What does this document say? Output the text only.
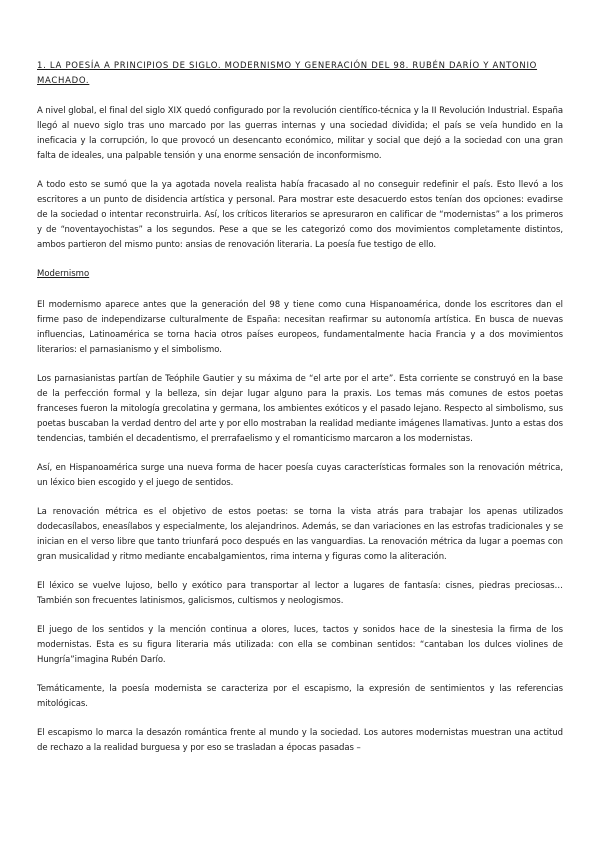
1. LA POESÍA A PRINCIPIOS DE SIGLO. MODERNISMO Y GENERACIÓN DEL 98. RUBÉN DARÍO Y ANTONIO MACHADO.
A nivel global, el final del siglo XIX quedó configurado por la revolución científico-técnica y la II Revolución Industrial. España llegó al nuevo siglo tras uno marcado por las guerras internas y una sociedad dividida; el país se veía hundido en la ineficacia y la corrupción, lo que provocó un desencanto económico, militar y social que dejó a la sociedad con una gran falta de ideales, una palpable tensión y una enorme sensación de inconformismo.
A todo esto se sumó que la ya agotada novela realista había fracasado al no conseguir redefinir el país. Esto llevó a los escritores a un punto de disidencia artística y personal. Para mostrar este desacuerdo estos tenían dos opciones: evadirse de la sociedad o intentar reconstruirla. Así, los críticos literarios se apresuraron en calificar de “modernistas” a los primeros y de “noventayochistas” a los segundos. Pese a que se les categorizó como dos movimientos completamente distintos, ambos partieron del mismo punto: ansias de renovación literaria. La poesía fue testigo de ello.
Modernismo
El modernismo aparece antes que la generación del 98 y tiene como cuna Hispanoamérica, donde los escritores dan el firme paso de independizarse culturalmente de España: necesitan reafirmar su autonomía artística. En busca de nuevas influencias, Latinoamérica se torna hacia otros países europeos, fundamentalmente hacia Francia y a dos movimientos literarios: el parnasianismo y el simbolismo.
Los parnasianistas partían de Teóphile Gautier y su máxima de “el arte por el arte”. Esta corriente se construyó en la base de la perfección formal y la belleza, sin dejar lugar alguno para la praxis. Los temas más comunes de estos poetas franceses fueron la mitología grecolatina y germana, los ambientes exóticos y el pasado lejano. Respecto al simbolismo, sus poetas buscaban la verdad dentro del arte y por ello mostraban la realidad mediante imágenes llamativas. Junto a estas dos tendencias, también el decadentismo, el prerrafaelismo y el romanticismo marcaron a los modernistas.
Así, en Hispanoamérica surge una nueva forma de hacer poesía cuyas características formales son la renovación métrica, un léxico bien escogido y el juego de sentidos.
La renovación métrica es el objetivo de estos poetas: se torna la vista atrás para trabajar los apenas utilizados dodecasílabos, eneasílabos y especialmente, los alejandrinos. Además, se dan variaciones en las estrofas tradicionales y se inician en el verso libre que tanto triunfará poco después en las vanguardias. La renovación métrica da lugar a poemas con gran musicalidad y ritmo mediante encabalgamientos, rima interna y figuras como la aliteración.
El léxico se vuelve lujoso, bello y exótico para transportar al lector a lugares de fantasía: cisnes, piedras preciosas… También son frecuentes latinismos, galicismos, cultismos y neologismos.
El juego de los sentidos y la mención continua a olores, luces, tactos y sonidos hace de la sinestesia la firma de los modernistas. Esta es su figura literaria más utilizada: con ella se combinan sentidos: “cantaban los dulces violines de Hungría”imagina Rubén Darío.
Temáticamente, la poesía modernista se caracteriza por el escapismo, la expresión de sentimientos y las referencias mitológicas.
El escapismo lo marca la desazón romántica frente al mundo y la sociedad. Los autores modernistas muestran una actitud de rechazo a la realidad burguesa y por eso se trasladan a épocas pasadas –
